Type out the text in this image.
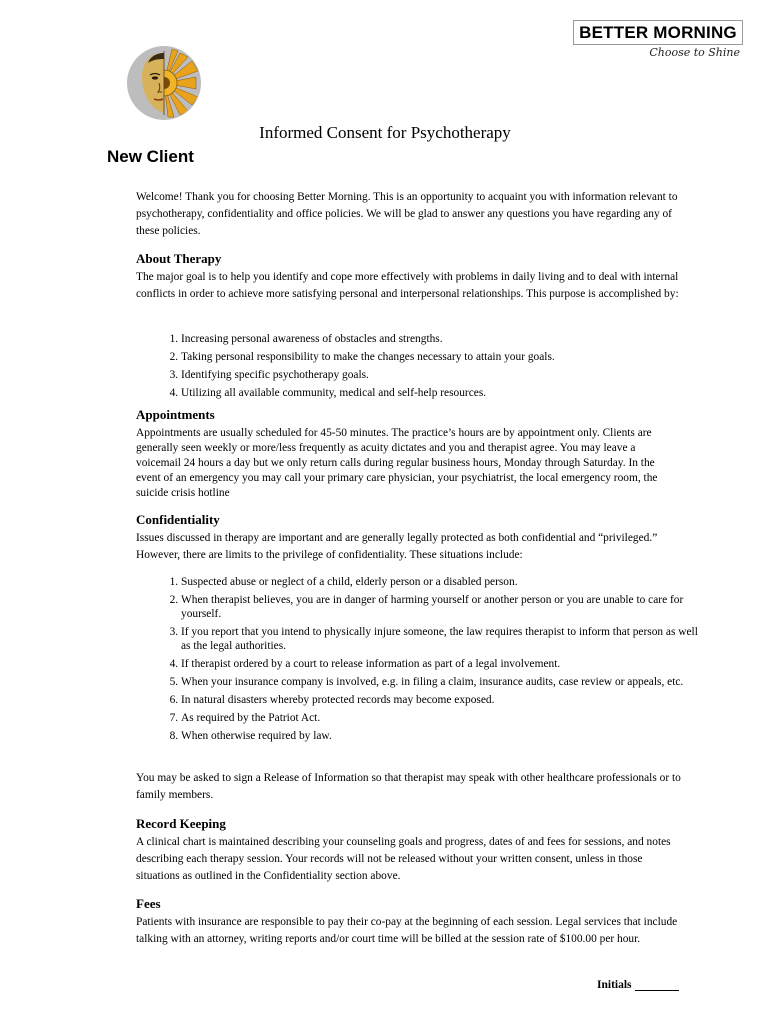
BETTER MORNING
Choose to Shine
Informed Consent for Psychotherapy
New Client
Welcome! Thank you for choosing Better Morning. This is an opportunity to acquaint you with information relevant to psychotherapy, confidentiality and office policies. We will be glad to answer any questions you have regarding any of these policies.
About Therapy
The major goal is to help you identify and cope more effectively with problems in daily living and to deal with internal conflicts in order to achieve more satisfying personal and interpersonal relationships. This purpose is accomplished by:
1. Increasing personal awareness of obstacles and strengths.
2. Taking personal responsibility to make the changes necessary to attain your goals.
3. Identifying specific psychotherapy goals.
4. Utilizing all available community, medical and self-help resources.
Appointments
Appointments are usually scheduled for 45-50 minutes. The practice’s hours are by appointment only. Clients are generally seen weekly or more/less frequently as acuity dictates and you and therapist agree. You may leave a voicemail 24 hours a day but we only return calls during regular business hours, Monday through Saturday. In the event of an emergency you may call your primary care physician, your psychiatrist, the local emergency room, the suicide crisis hotline
Confidentiality
Issues discussed in therapy are important and are generally legally protected as both confidential and “privileged.” However, there are limits to the privilege of confidentiality. These situations include:
1. Suspected abuse or neglect of a child, elderly person or a disabled person.
2. When therapist believes, you are in danger of harming yourself or another person or you are unable to care for yourself.
3. If you report that you intend to physically injure someone, the law requires therapist to inform that person as well as the legal authorities.
4. If therapist ordered by a court to release information as part of a legal involvement.
5. When your insurance company is involved, e.g. in filing a claim, insurance audits, case review or appeals, etc.
6. In natural disasters whereby protected records may become exposed.
7. As required by the Patriot Act.
8. When otherwise required by law.
You may be asked to sign a Release of Information so that therapist may speak with other healthcare professionals or to family members.
Record Keeping
A clinical chart is maintained describing your counseling goals and progress, dates of and fees for sessions, and notes describing each therapy session. Your records will not be released without your written consent, unless in those situations as outlined in the Confidentiality section above.
Fees
Patients with insurance are responsible to pay their co-pay at the beginning of each session. Legal services that include talking with an attorney, writing reports and/or court time will be billed at the session rate of $100.00 per hour.
Initials
